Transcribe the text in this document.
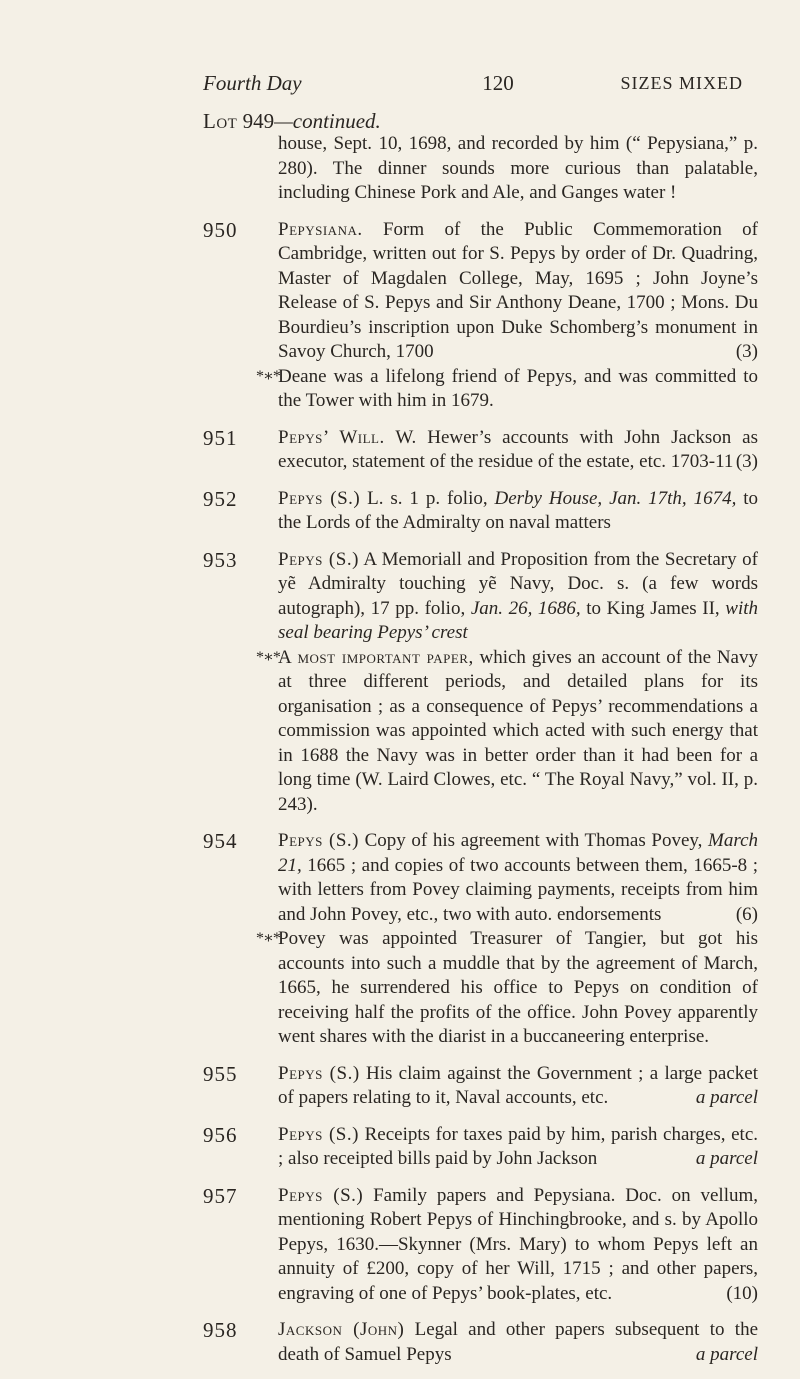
Fourth Day	120	SIZES MIXED
Lot 949—continued.
house, Sept. 10, 1698, and recorded by him (“ Pepysiana,” p. 280). The dinner sounds more curious than palatable, including Chinese Pork and Ale, and Ganges water !
950 Pepysiana. Form of the Public Commemoration of Cambridge, written out for S. Pepys by order of Dr. Quadring, Master of Magdalen College, May, 1695 ; John Joyne’s Release of S. Pepys and Sir Anthony Deane, 1700 ; Mons. Du Bourdieu’s inscription upon Duke Schomberg’s monument in Savoy Church, 1700	(3)
*∗*
Deane was a lifelong friend of Pepys, and was committed to the Tower with him in 1679.
951 Pepys’ Will. W. Hewer’s accounts with John Jackson as executor, statement of the residue of the estate, etc. 1703-11 (3)
952 Pepys (S.) L. s. 1 p. folio, Derby House, Jan. 17th, 1674, to the Lords of the Admiralty on naval matters
953 Pepys (S.) A Memoriall and Proposition from the Secretary of yẽ Admiralty touching yẽ Navy, Doc. s. (a few words autograph), 17 pp. folio, Jan. 26, 1686, to King James II, with seal bearing Pepys’ crest
*∗*
A most important paper, which gives an account of the Navy at three different periods, and detailed plans for its organisation ; as a consequence of Pepys’ recommendations a commission was appointed which acted with such energy that in 1688 the Navy was in better order than it had been for a long time (W. Laird Clowes, etc. “ The Royal Navy,” vol. II, p. 243).
954 Pepys (S.) Copy of his agreement with Thomas Povey, March 21, 1665 ; and copies of two accounts between them, 1665-8 ; with letters from Povey claiming payments, receipts from him and John Povey, etc., two with auto. endorsements	(6)
*∗*
Povey was appointed Treasurer of Tangier, but got his accounts into such a muddle that by the agreement of March, 1665, he surrendered his office to Pepys on condition of receiving half the profits of the office. John Povey apparently went shares with the diarist in a buccaneering enterprise.
955 Pepys (S.) His claim against the Government ; a large packet of papers relating to it, Naval accounts, etc.	a parcel
956 Pepys (S.) Receipts for taxes paid by him, parish charges, etc. ; also receipted bills paid by John Jackson	a parcel
957 Pepys (S.) Family papers and Pepysiana. Doc. on vellum, mentioning Robert Pepys of Hinchingbrooke, and s. by Apollo Pepys, 1630.—Skynner (Mrs. Mary) to whom Pepys left an annuity of £200, copy of her Will, 1715 ; and other papers, engraving of one of Pepys’ book-plates, etc.	(10)
958 Jackson (John) Legal and other papers subsequent to the death of Samuel Pepys	a parcel
